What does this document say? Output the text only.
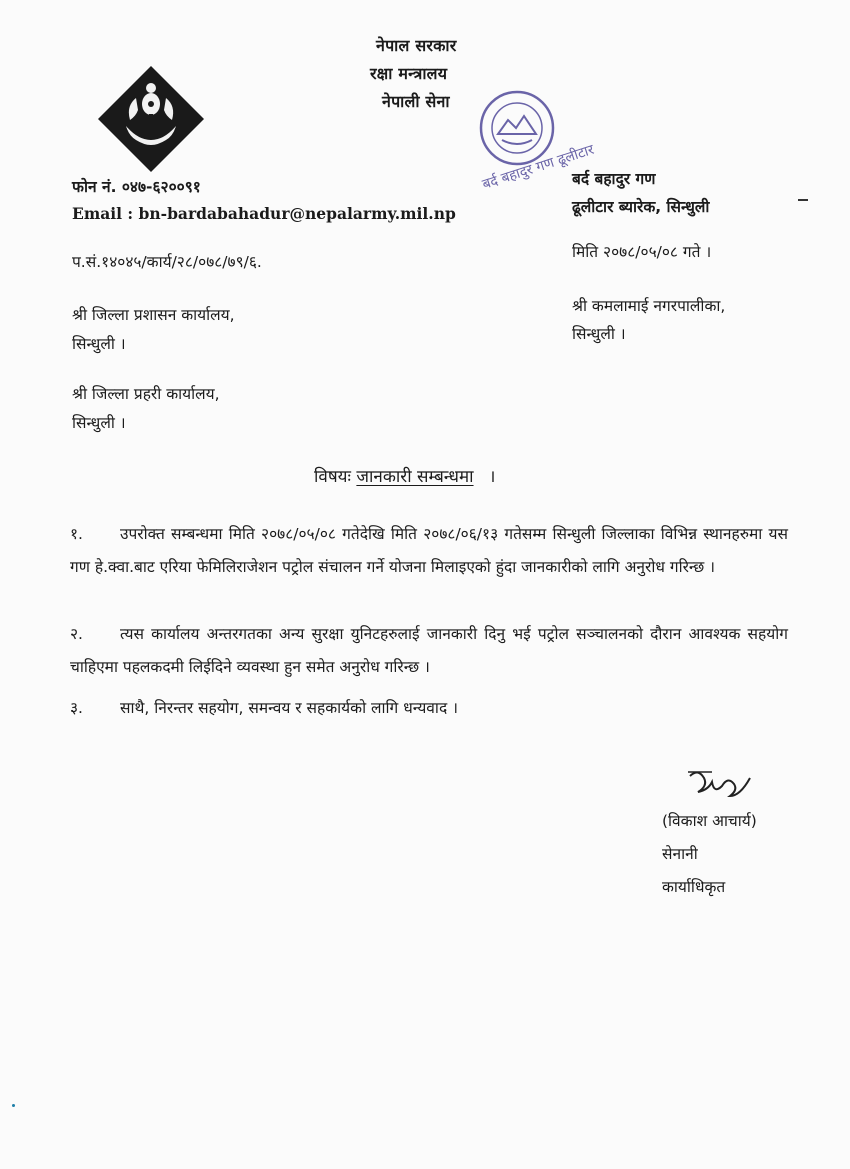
नेपाल सरकार
रक्षा मन्त्रालय
नेपाली सेना
बर्द बहादुर गण ढूलीटार
फोन नं. ०४७-६२००९१
Email : bn-bardabahadur@nepalarmy.mil.np
बर्द बहादुर गण
ढूलीटार ब्यारेक, सिन्धुली
मिति २०७८/०५/०८ गते ।
प.सं.१४०४५/कार्य/२८/०७८/७९/६.
श्री कमलामाई नगरपालीका,
सिन्धुली ।
श्री जिल्ला प्रशासन कार्यालय,
सिन्धुली ।
श्री जिल्ला प्रहरी कार्यालय,
सिन्धुली ।
विषयः जानकारी सम्बन्धमा ।
१. उपरोक्त सम्बन्धमा मिति २०७८/०५/०८ गतेदेखि मिति २०७८/०६/१३ गतेसम्म सिन्धुली जिल्लाका विभिन्न स्थानहरुमा यस गण हे.क्वा.बाट एरिया फेमिलिराजेशन पट्रोल संचालन गर्ने योजना मिलाइएको हुंदा जानकारीको लागि अनुरोध गरिन्छ ।
२. त्यस कार्यालय अन्तरगतका अन्य सुरक्षा युनिटहरुलाई जानकारी दिनु भई पट्रोल सञ्चालनको दौरान आवश्यक सहयोग चाहिएमा पहलकदमी लिईदिने व्यवस्था हुन समेत अनुरोध गरिन्छ ।
३. साथै, निरन्तर सहयोग, समन्वय र सहकार्यको लागि धन्यवाद ।
(विकाश आचार्य)
सेनानी
कार्याधिकृत
